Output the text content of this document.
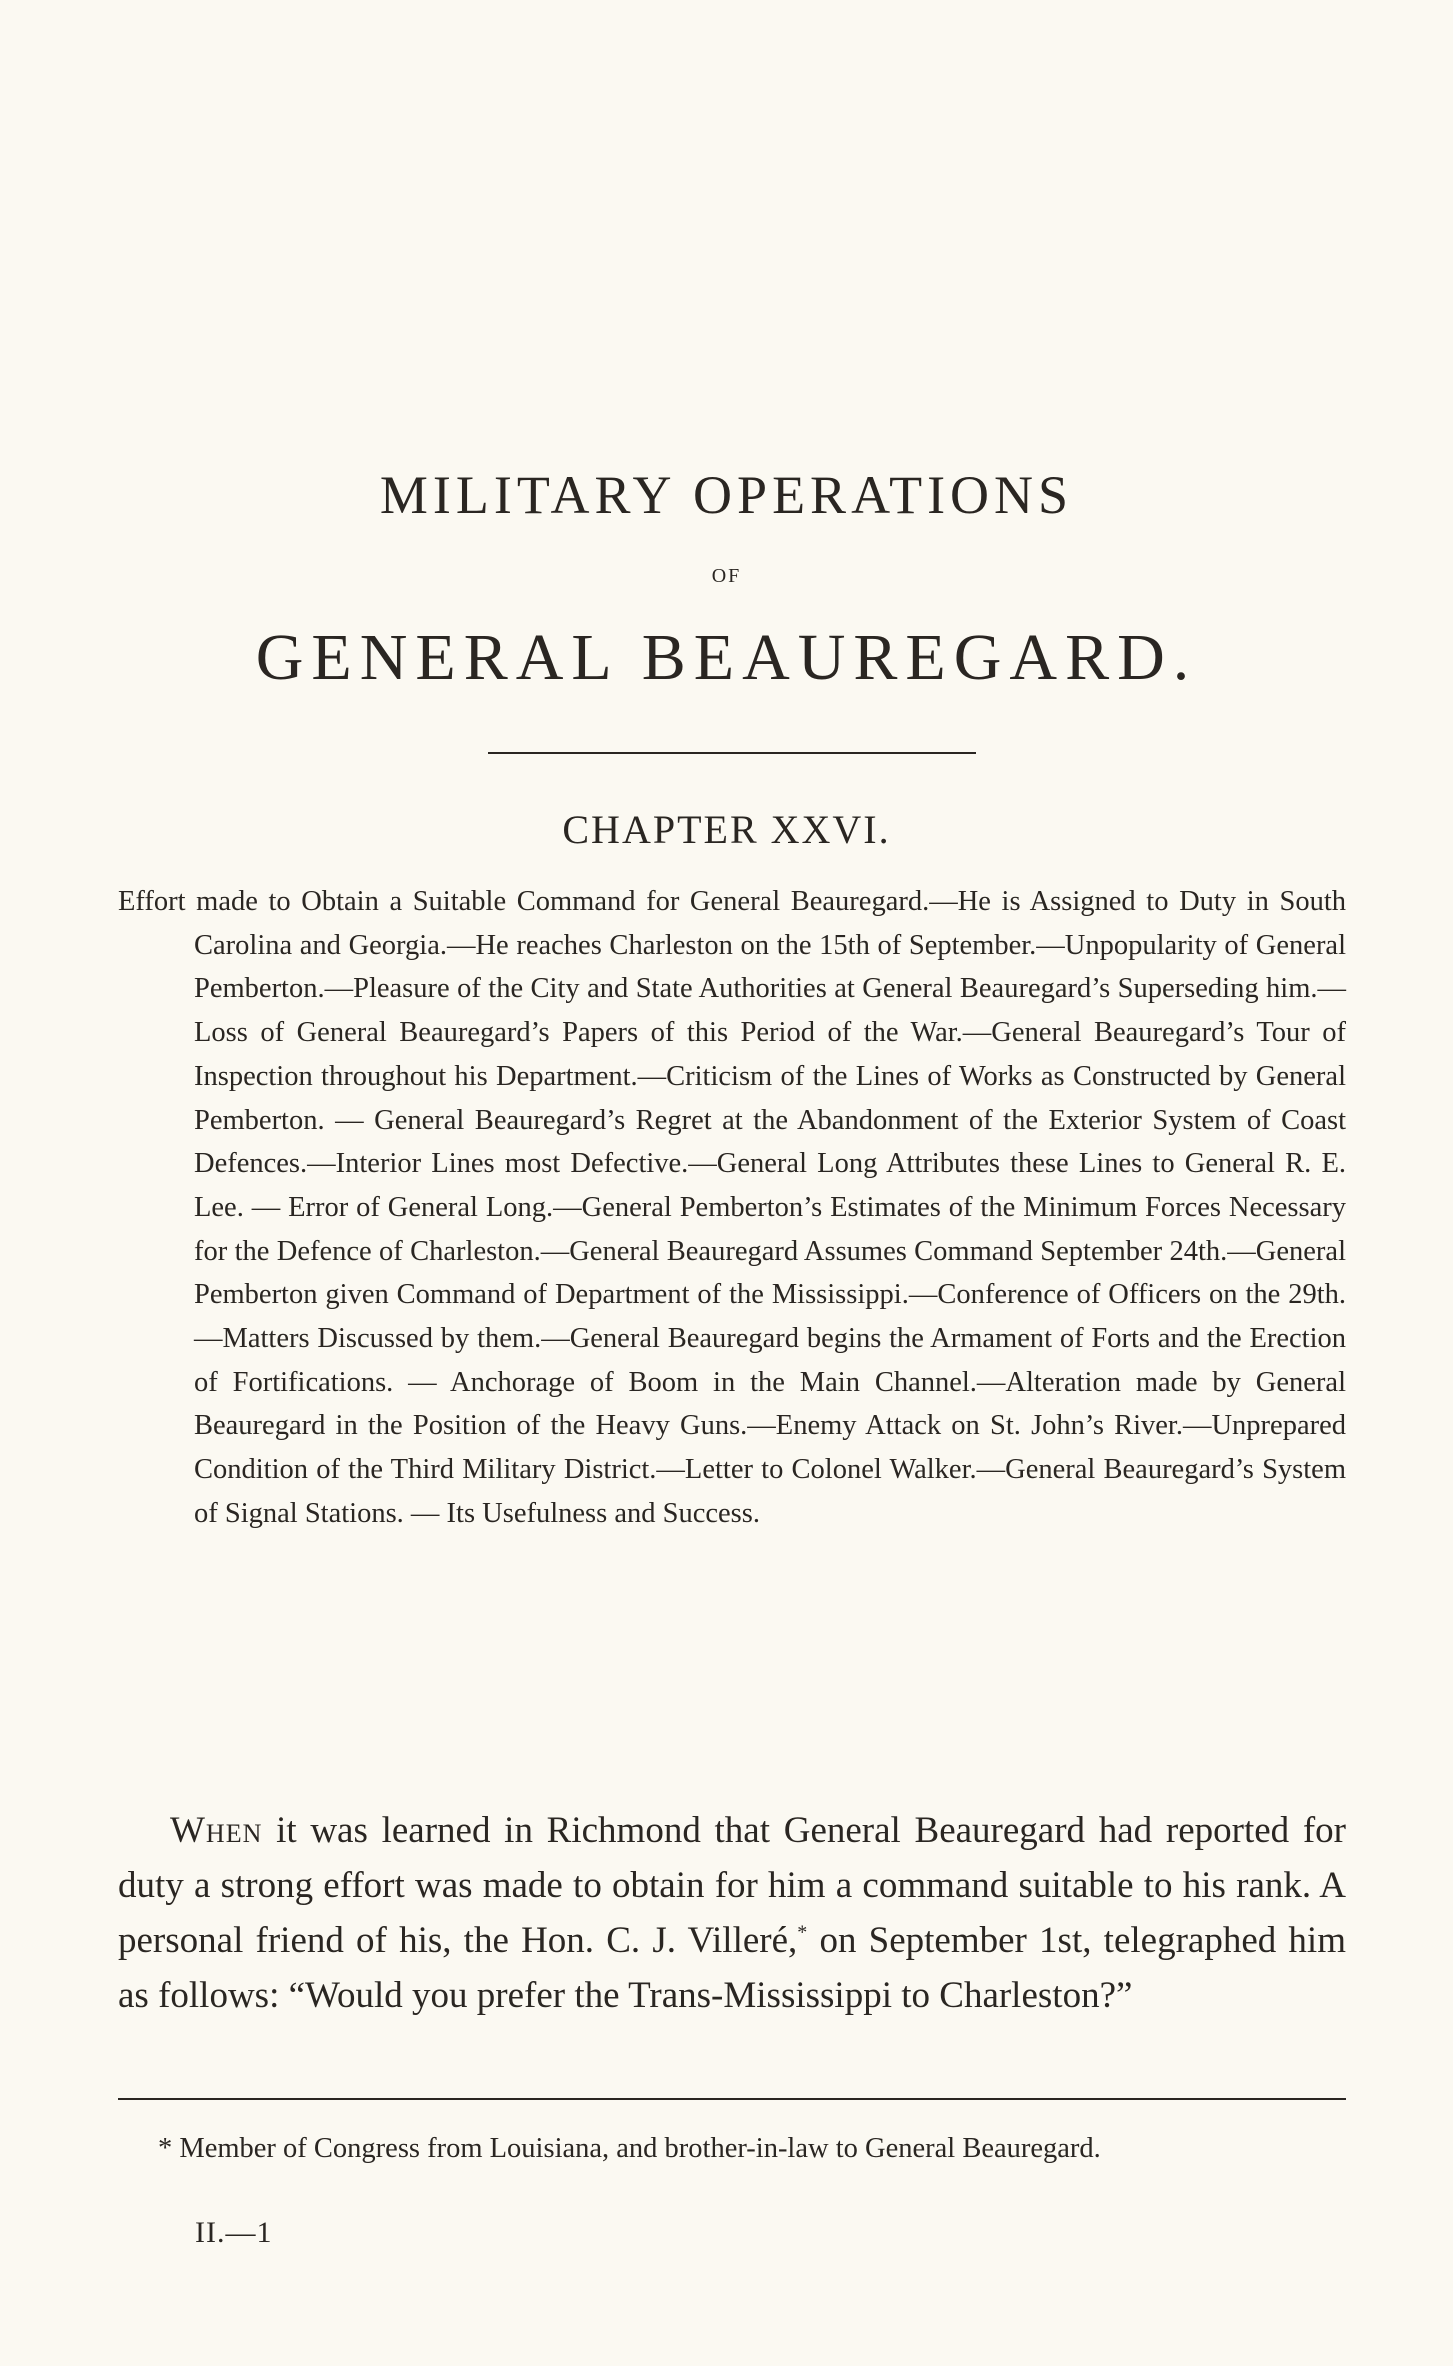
MILITARY OPERATIONS
OF
GENERAL BEAUREGARD.
CHAPTER XXVI.

Effort made to Obtain a Suitable Command for General Beauregard.—He is Assigned to Duty in South Carolina and Georgia.—He reaches Charleston on the 15th of September.—Unpopularity of General Pemberton.—Pleasure of the City and State Authorities at General Beauregard’s Superseding him.—Loss of General Beauregard’s Papers of this Period of the War.—General Beauregard’s Tour of Inspection throughout his Department.—Criticism of the Lines of Works as Constructed by General Pemberton. — General Beauregard’s Regret at the Abandonment of the Exterior System of Coast Defences.—Interior Lines most Defective.—General Long Attributes these Lines to General R. E. Lee. — Error of General Long.—General Pemberton’s Estimates of the Minimum Forces Necessary for the Defence of Charleston.—General Beauregard Assumes Command September 24th.—General Pemberton given Command of Department of the Mississippi.—Conference of Officers on the 29th.—Matters Discussed by them.—General Beauregard begins the Armament of Forts and the Erection of Fortifications. — Anchorage of Boom in the Main Channel.—Alteration made by General Beauregard in the Position of the Heavy Guns.—Enemy Attack on St. John’s River.—Unprepared Condition of the Third Military District.—Letter to Colonel Walker.—General Beauregard’s System of Signal Stations. — Its Usefulness and Success.

When it was learned in Richmond that General Beauregard had reported for duty a strong effort was made to obtain for him a command suitable to his rank. A personal friend of his, the Hon. C. J. Villeré,* on September 1st, telegraphed him as follows: “Would you prefer the Trans-Mississippi to Charleston?”

* Member of Congress from Louisiana, and brother-in-law to General Beauregard.

II.—1
